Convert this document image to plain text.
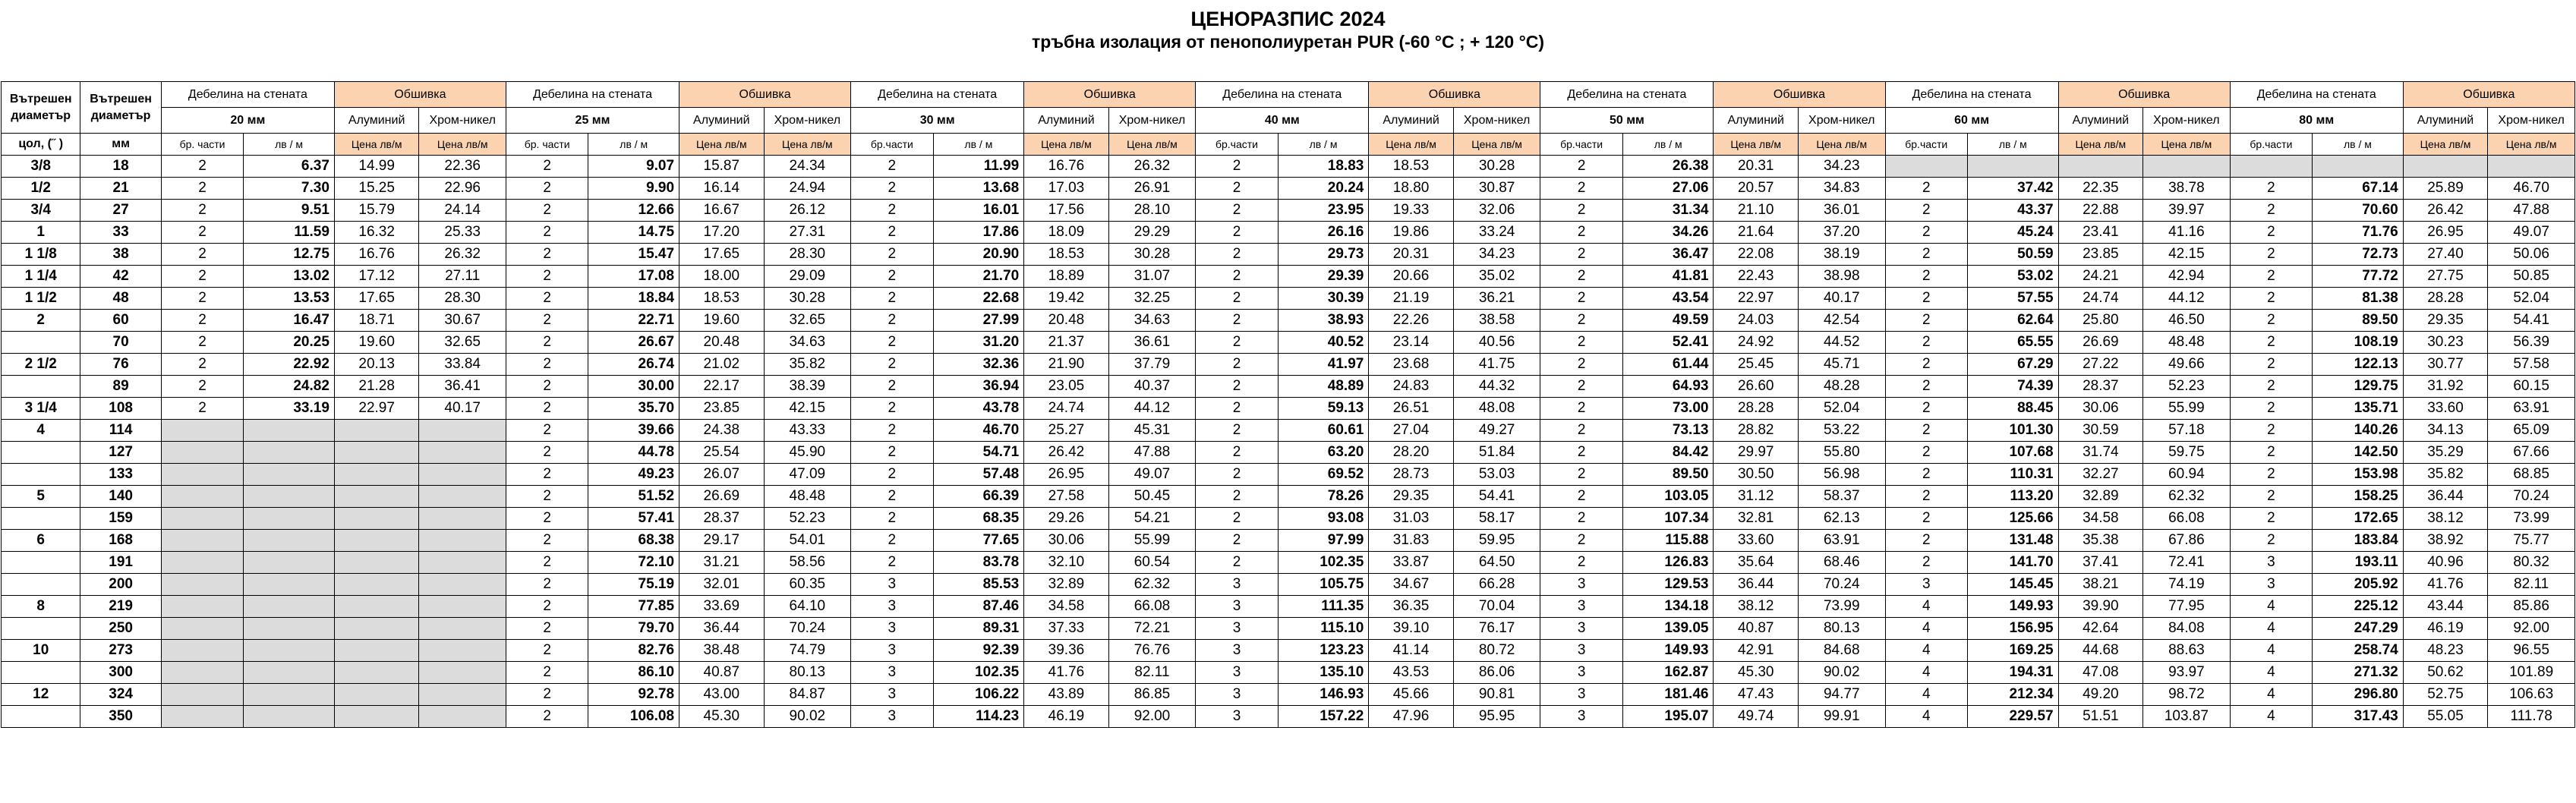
ЦЕНОРАЗПИС 2024
тръбна изолация от пенополиуретан PUR (-60 °С ; + 120 °С)
Вътрешен диаметър	Вътрешен диаметър	Дебелина на стената		Обшивка		Дебелина на стената		Обшивка		Дебелина на стената		Обшивка		Дебелина на стената		Обшивка		Дебелина на стената		Обшивка		Дебелина на стената		Обшивка		Дебелина на стената		Обшивка	
		20 мм		Алуминий	Хром-никел	25 мм		Алуминий	Хром-никел	30 мм		Алуминий	Хром-никел	40 мм		Алуминий	Хром-никел	50 мм		Алуминий	Хром-никел	60 мм		Алуминий	Хром-никел	80 мм		Алуминий	Хром-никел
цол, (˝ )	мм	бр. части	лв / м	Цена лв/м	Цена лв/м	бр. части	лв / м	Цена лв/м	Цена лв/м	бр.части	лв / м	Цена лв/м	Цена лв/м	бр.части	лв / м	Цена лв/м	Цена лв/м	бр.части	лв / м	Цена лв/м	Цена лв/м	бр.части	лв / м	Цена лв/м	Цена лв/м	бр.части	лв / м	Цена лв/м	Цена лв/м
3/8	18	2	6.37	14.99	22.36	2	9.07	15.87	24.34	2	11.99	16.76	26.32	2	18.83	18.53	30.28	2	26.38	20.31	34.23								
1/2	21	2	7.30	15.25	22.96	2	9.90	16.14	24.94	2	13.68	17.03	26.91	2	20.24	18.80	30.87	2	27.06	20.57	34.83	2	37.42	22.35	38.78	2	67.14	25.89	46.70
3/4	27	2	9.51	15.79	24.14	2	12.66	16.67	26.12	2	16.01	17.56	28.10	2	23.95	19.33	32.06	2	31.34	21.10	36.01	2	43.37	22.88	39.97	2	70.60	26.42	47.88
1	33	2	11.59	16.32	25.33	2	14.75	17.20	27.31	2	17.86	18.09	29.29	2	26.16	19.86	33.24	2	34.26	21.64	37.20	2	45.24	23.41	41.16	2	71.76	26.95	49.07
1 1/8	38	2	12.75	16.76	26.32	2	15.47	17.65	28.30	2	20.90	18.53	30.28	2	29.73	20.31	34.23	2	36.47	22.08	38.19	2	50.59	23.85	42.15	2	72.73	27.40	50.06
1 1/4	42	2	13.02	17.12	27.11	2	17.08	18.00	29.09	2	21.70	18.89	31.07	2	29.39	20.66	35.02	2	41.81	22.43	38.98	2	53.02	24.21	42.94	2	77.72	27.75	50.85
1 1/2	48	2	13.53	17.65	28.30	2	18.84	18.53	30.28	2	22.68	19.42	32.25	2	30.39	21.19	36.21	2	43.54	22.97	40.17	2	57.55	24.74	44.12	2	81.38	28.28	52.04
2	60	2	16.47	18.71	30.67	2	22.71	19.60	32.65	2	27.99	20.48	34.63	2	38.93	22.26	38.58	2	49.59	24.03	42.54	2	62.64	25.80	46.50	2	89.50	29.35	54.41
	70	2	20.25	19.60	32.65	2	26.67	20.48	34.63	2	31.20	21.37	36.61	2	40.52	23.14	40.56	2	52.41	24.92	44.52	2	65.55	26.69	48.48	2	108.19	30.23	56.39
2 1/2	76	2	22.92	20.13	33.84	2	26.74	21.02	35.82	2	32.36	21.90	37.79	2	41.97	23.68	41.75	2	61.44	25.45	45.71	2	67.29	27.22	49.66	2	122.13	30.77	57.58
	89	2	24.82	21.28	36.41	2	30.00	22.17	38.39	2	36.94	23.05	40.37	2	48.89	24.83	44.32	2	64.93	26.60	48.28	2	74.39	28.37	52.23	2	129.75	31.92	60.15
3 1/4	108	2	33.19	22.97	40.17	2	35.70	23.85	42.15	2	43.78	24.74	44.12	2	59.13	26.51	48.08	2	73.00	28.28	52.04	2	88.45	30.06	55.99	2	135.71	33.60	63.91
4	114					2	39.66	24.38	43.33	2	46.70	25.27	45.31	2	60.61	27.04	49.27	2	73.13	28.82	53.22	2	101.30	30.59	57.18	2	140.26	34.13	65.09
	127					2	44.78	25.54	45.90	2	54.71	26.42	47.88	2	63.20	28.20	51.84	2	84.42	29.97	55.80	2	107.68	31.74	59.75	2	142.50	35.29	67.66
	133					2	49.23	26.07	47.09	2	57.48	26.95	49.07	2	69.52	28.73	53.03	2	89.50	30.50	56.98	2	110.31	32.27	60.94	2	153.98	35.82	68.85
5	140					2	51.52	26.69	48.48	2	66.39	27.58	50.45	2	78.26	29.35	54.41	2	103.05	31.12	58.37	2	113.20	32.89	62.32	2	158.25	36.44	70.24
	159					2	57.41	28.37	52.23	2	68.35	29.26	54.21	2	93.08	31.03	58.17	2	107.34	32.81	62.13	2	125.66	34.58	66.08	2	172.65	38.12	73.99
6	168					2	68.38	29.17	54.01	2	77.65	30.06	55.99	2	97.99	31.83	59.95	2	115.88	33.60	63.91	2	131.48	35.38	67.86	2	183.84	38.92	75.77
	191					2	72.10	31.21	58.56	2	83.78	32.10	60.54	2	102.35	33.87	64.50	2	126.83	35.64	68.46	2	141.70	37.41	72.41	3	193.11	40.96	80.32
	200					2	75.19	32.01	60.35	3	85.53	32.89	62.32	3	105.75	34.67	66.28	3	129.53	36.44	70.24	3	145.45	38.21	74.19	3	205.92	41.76	82.11
8	219					2	77.85	33.69	64.10	3	87.46	34.58	66.08	3	111.35	36.35	70.04	3	134.18	38.12	73.99	4	149.93	39.90	77.95	4	225.12	43.44	85.86
	250					2	79.70	36.44	70.24	3	89.31	37.33	72.21	3	115.10	39.10	76.17	3	139.05	40.87	80.13	4	156.95	42.64	84.08	4	247.29	46.19	92.00
10	273					2	82.76	38.48	74.79	3	92.39	39.36	76.76	3	123.23	41.14	80.72	3	149.93	42.91	84.68	4	169.25	44.68	88.63	4	258.74	48.23	96.55
	300					2	86.10	40.87	80.13	3	102.35	41.76	82.11	3	135.10	43.53	86.06	3	162.87	45.30	90.02	4	194.31	47.08	93.97	4	271.32	50.62	101.89
12	324					2	92.78	43.00	84.87	3	106.22	43.89	86.85	3	146.93	45.66	90.81	3	181.46	47.43	94.77	4	212.34	49.20	98.72	4	296.80	52.75	106.63
	350					2	106.08	45.30	90.02	3	114.23	46.19	92.00	3	157.22	47.96	95.95	3	195.07	49.74	99.91	4	229.57	51.51	103.87	4	317.43	55.05	111.78
